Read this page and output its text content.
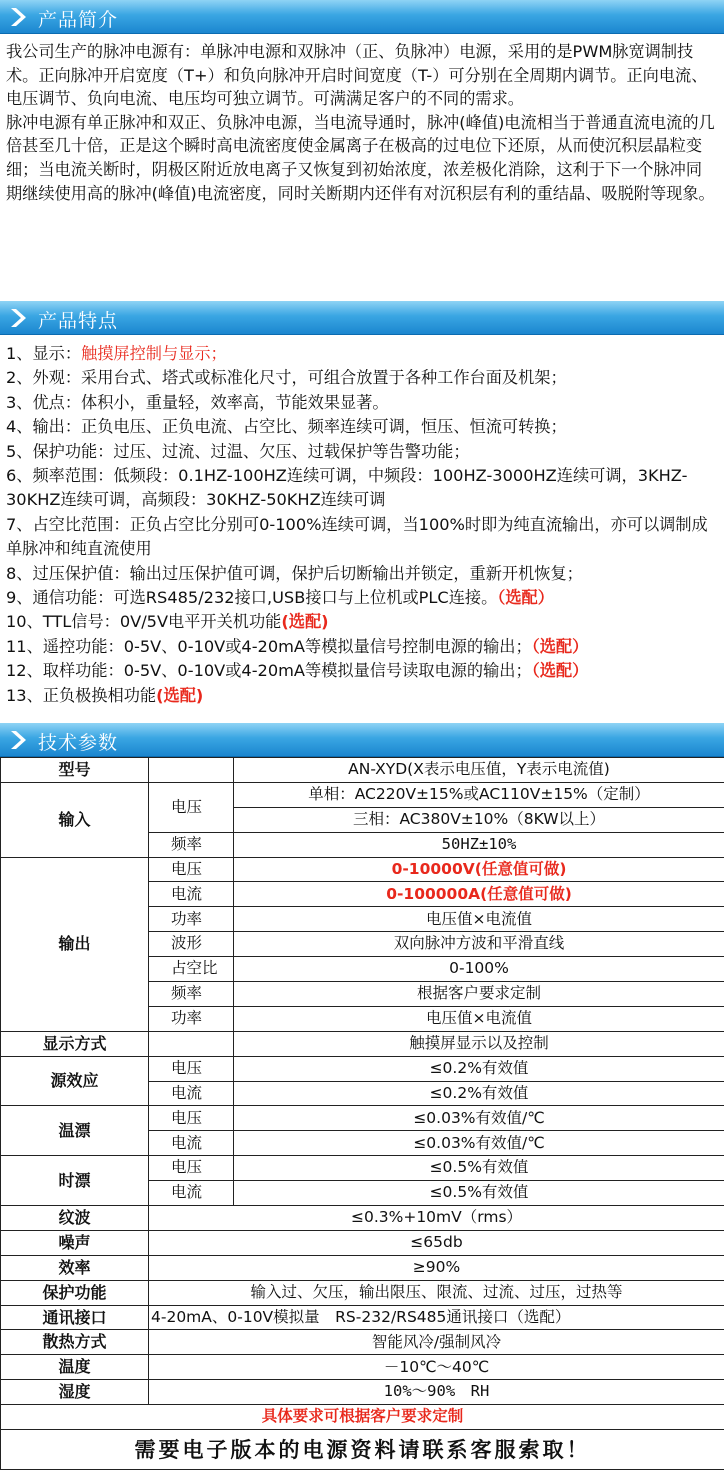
产品简介

我公司生产的脉冲电源有：单脉冲电源和双脉冲（正、负脉冲）电源，采用的是PWM脉宽调制技术。正向脉冲开启宽度（T+）和负向脉冲开启时间宽度（T-）可分别在全周期内调节。正向电流、电压调节、负向电流、电压均可独立调节。可满满足客户的不同的需求。

脉冲电源有单正脉冲和双正、负脉冲电源，当电流导通时，脉冲(峰值)电流相当于普通直流电流的几倍甚至几十倍，正是这个瞬时高电流密度使金属离子在极高的过电位下还原，从而使沉积层晶粒变细；当电流关断时，阴极区附近放电离子又恢复到初始浓度，浓差极化消除，这利于下一个脉冲同期继续使用高的脉冲(峰值)电流密度，同时关断期内还伴有对沉积层有利的重结晶、吸脱附等现象。

产品特点
1、显示：触摸屏控制与显示；
2、外观：采用台式、塔式或标准化尺寸，可组合放置于各种工作台面及机架；
3、优点：体积小，重量轻，效率高，节能效果显著。
4、输出：正负电压、正负电流、占空比、频率连续可调，恒压、恒流可转换；
5、保护功能：过压、过流、过温、欠压、过载保护等告警功能；
6、频率范围：低频段：0.1HZ-100HZ连续可调，中频段：100HZ-3000HZ连续可调，3KHZ-30KHZ连续可调，高频段：30KHZ-50KHZ连续可调
7、占空比范围：正负占空比分别可0-100%连续可调，当100%时即为纯直流输出，亦可以调制成单脉冲和纯直流使用
8、过压保护值：输出过压保护值可调，保护后切断输出并锁定，重新开机恢复；
9、通信功能：可选RS485/232接口,USB接口与上位机或PLC连接。（选配）
10、TTL信号：0V/5V电平开关机功能(选配)
11、遥控功能：0-5V、0-10V或4-20mA等模拟量信号控制电源的输出；（选配）
12、取样功能：0-5V、0-10V或4-20mA等模拟量信号读取电源的输出；（选配）
13、正负极换相功能(选配)
技术参数
型号		AN-XYD(X表示电压值，Y表示电流值)
输入	电压	单相：AC220V±15%或AC110V±15%（定制）
		三相：AC380V±10%（8KW以上）
	频率	50HZ±10%
输出	电压	0-10000V(任意值可做)
	电流	0-100000A(任意值可做)
	功率	电压值×电流值
	波形	双向脉冲方波和平滑直线
	占空比	0-100%
	频率	根据客户要求定制
	功率	电压值×电流值
显示方式		触摸屏显示以及控制
源效应	电压	≤0.2%有效值
	电流	≤0.2%有效值
温漂	电压	≤0.03%有效值/℃
	电流	≤0.03%有效值/℃
时漂	电压	≤0.5%有效值
	电流	≤0.5%有效值
纹波	≤0.3%+10mV（rms）	
噪声	≤65db	
效率	≥90%	
保护功能	输入过、欠压，输出限压、限流、过流、过压，过热等	
通讯接口	4-20mA、0-10V模拟量　RS-232/RS485通讯接口（选配）	
散热方式	智能风冷/强制风冷	
温度	－10℃～40℃	
湿度	10%～90%　RH	
具体要求可根据客户要求定制		
需要电子版本的电源资料请联系客服索取！		
